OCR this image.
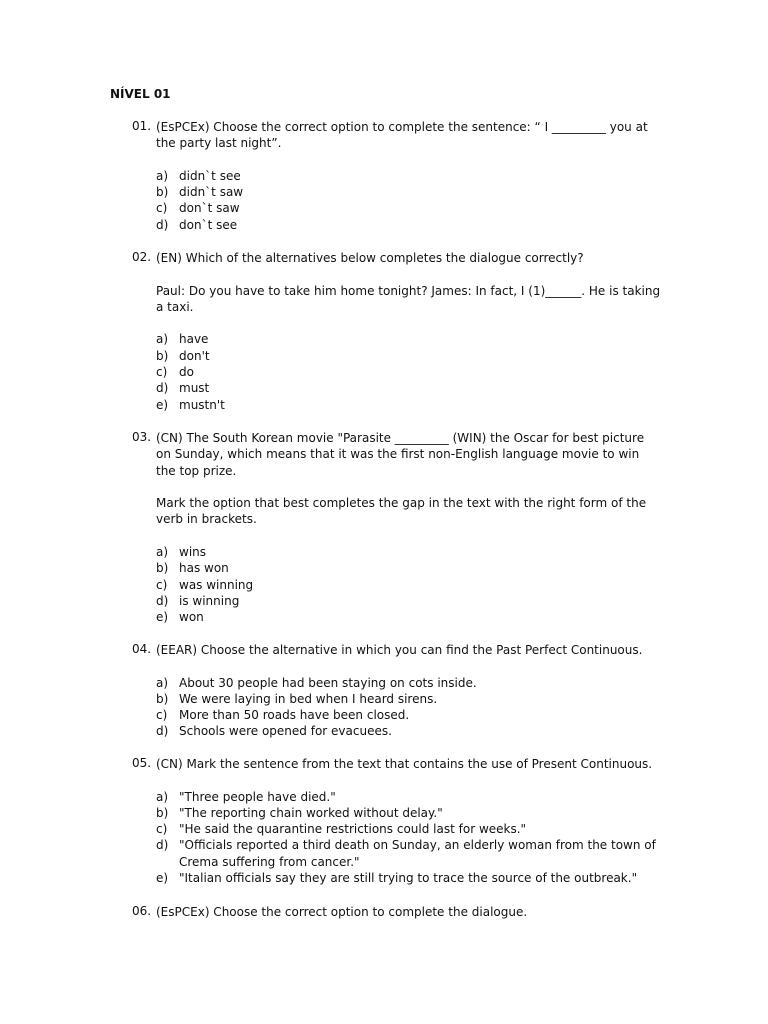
NÍVEL 01
01. (EsPCEx) Choose the correct option to complete the sentence: “ I _________ you at the party last night”.

a) didn`t see
b) didn`t saw
c) don`t saw
d) don`t see
02. (EN) Which of the alternatives below completes the dialogue correctly?

Paul: Do you have to take him home tonight? James: In fact, I (1)______. He is taking a taxi.

a) have
b) don't
c) do
d) must
e) mustn't
03. (CN) The South Korean movie "Parasite _________ (WIN) the Oscar for best picture on Sunday, which means that it was the first non-English language movie to win the top prize.

Mark the option that best completes the gap in the text with the right form of the verb in brackets.

a) wins
b) has won
c) was winning
d) is winning
e) won
04. (EEAR) Choose the alternative in which you can find the Past Perfect Continuous.

a) About 30 people had been staying on cots inside.
b) We were laying in bed when I heard sirens.
c) More than 50 roads have been closed.
d) Schools were opened for evacuees.
05. (CN) Mark the sentence from the text that contains the use of Present Continuous.

a) "Three people have died."
b) "The reporting chain worked without delay."
c) "He said the quarantine restrictions could last for weeks."
d) "Officials reported a third death on Sunday, an elderly woman from the town of Crema suffering from cancer."
e) "Italian officials say they are still trying to trace the source of the outbreak."
06. (EsPCEx) Choose the correct option to complete the dialogue.
